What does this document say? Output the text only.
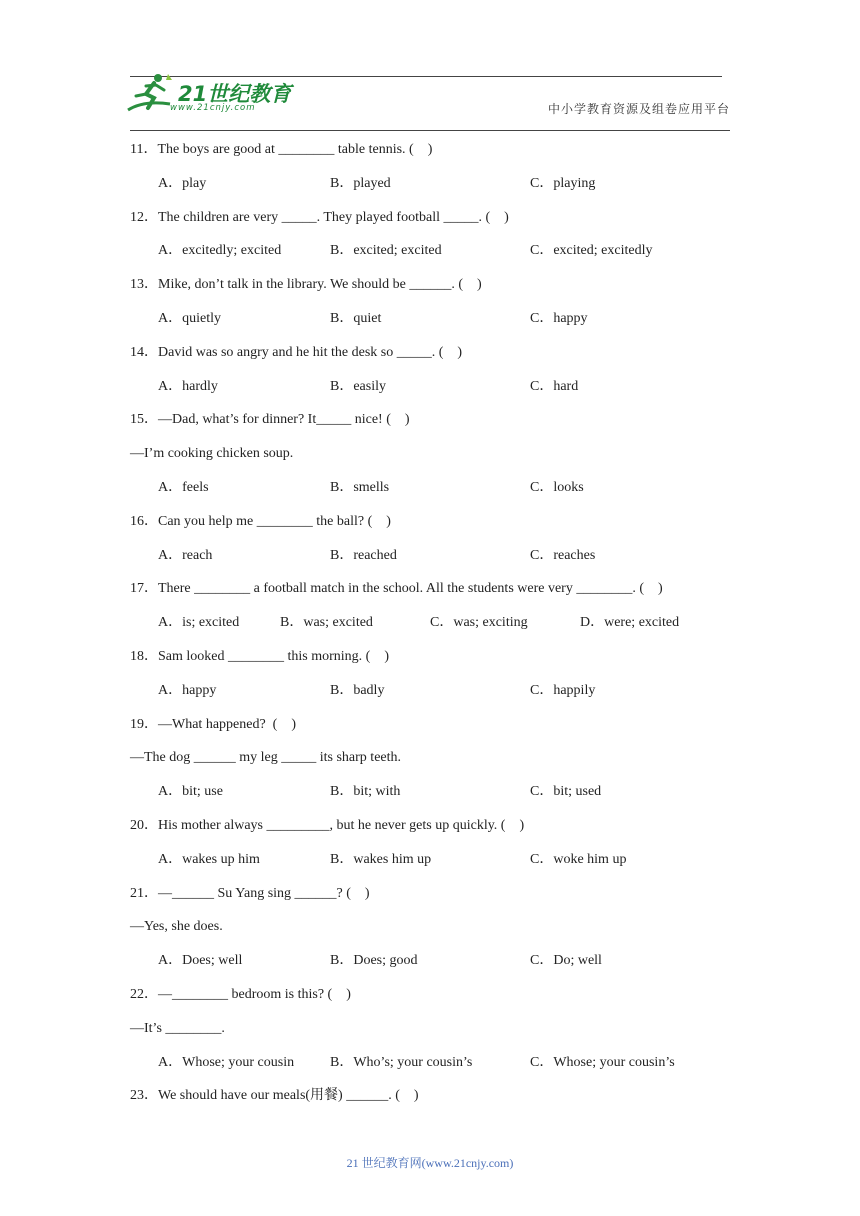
21世纪教育
www.21cnjy.com	中小学教育资源及组卷应用平台
11．The boys are good at ________ table tennis. (    )
A．play	B．played	C．playing
12．The children are very _____. They played football _____. (    )
A．excitedly; excited	B．excited; excited	C．excited; excitedly
13．Mike, don’t talk in the library. We should be ______. (    )
A．quietly	B．quiet	C．happy
14．David was so angry and he hit the desk so _____. (    )
A．hardly	B．easily	C．hard
15．—Dad, what’s for dinner? It_____ nice! (    )
—I’m cooking chicken soup.
A．feels	B．smells	C．looks
16．Can you help me ________ the ball? (    )
A．reach	B．reached	C．reaches
17．There ________ a football match in the school. All the students were very ________. (    )
A．is; excited	B．was; excited	C．was; exciting	D．were; excited
18．Sam looked ________ this morning. (    )
A．happy	B．badly	C．happily
19．—What happened?  (    )
—The dog ______ my leg _____ its sharp teeth.
A．bit; use	B．bit; with	C．bit; used
20．His mother always _________, but he never gets up quickly. (    )
A．wakes up him	B．wakes him up	C．woke him up
21．—______ Su Yang sing ______? (    )
—Yes, she does.
A．Does; well	B．Does; good	C．Do; well
22．—________ bedroom is this? (    )
—It’s ________.
A．Whose; your cousin	B．Who’s; your cousin’s	C．Whose; your cousin’s
23．We should have our meals(用餐) ______. (    )
21 世纪教育网(www.21cnjy.com)
